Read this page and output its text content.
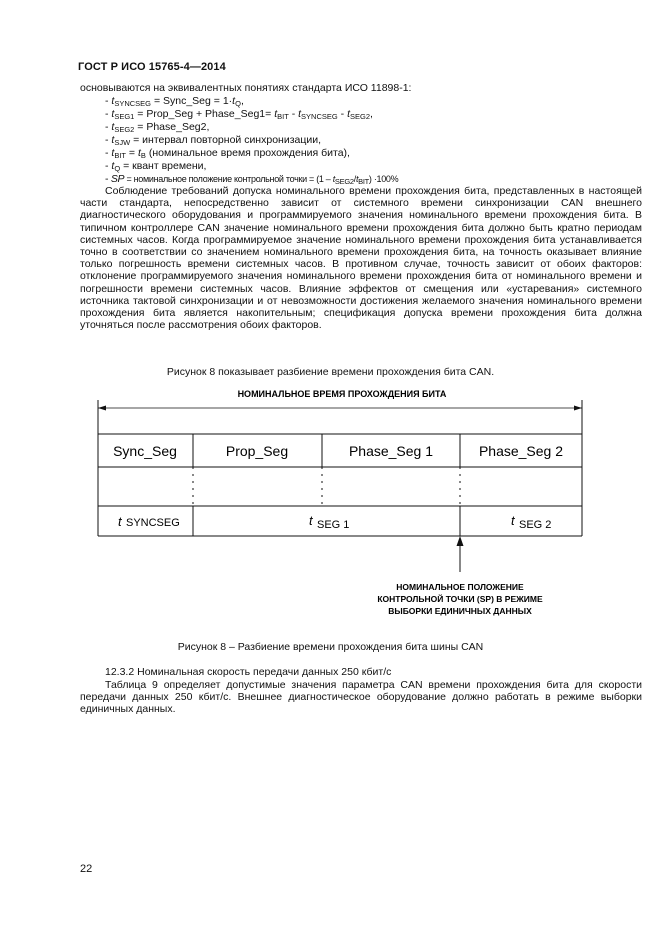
ГОСТ Р ИСО 15765-4—2014
основываются на эквивалентных понятиях стандарта ИСО 11898-1:
- $t_{SYNCSEG}$ = Sync_Seg = $1\cdot t_Q$,
- $t_{SEG1}$ = Prop_Seg + Phase_Seg1= $t_{BIT} - t_{SYNCSEG} - t_{SEG2}$,
- $t_{SEG2}$ = Phase_Seg2,
- $t_{SJW}$ = интервал повторной синхронизации,
- $t_{BIT} = t_B$ (номинальное время прохождения бита),
- $t_Q$ = квант времени,
- SP = номинальное положение контрольной точки = $(1 - t_{SEG2}/t_{BIT}) \cdot 100\%$
Соблюдение требований допуска номинального времени прохождения бита, представленных в настоящей части стандарта, непосредственно зависит от системного времени синхронизации CAN внешнего диагностического оборудования и программируемого значения номинального времени прохождения бита. В типичном контроллере CAN значение номинального времени прохождения бита должно быть кратно периодам системных часов. Когда программируемое значение номинального времени прохождения бита устанавливается точно в соответствии со значением номинального времени прохождения бита, на точность оказывает влияние только погрешность времени системных часов. В противном случае, точность зависит от обоих факторов: отклонение программируемого значения номинального времени прохождения бита от номинального времени и погрешности времени системных часов. Влияние эффектов от смещения или «устаревания» системного источника тактовой синхронизации и от невозможности достижения желаемого значения номинального времени прохождения бита является накопительным; спецификация допуска времени прохождения бита должна уточняться после рассмотрения обоих факторов.
Рисунок 8 показывает разбиение времени прохождения бита CAN.
НОМИНАЛЬНОЕ ВРЕМЯ ПРОХОЖДЕНИЯ БИТА
Sync_Seg	Prop_Seg	Phase_Seg 1	Phase_Seg 2
t SYNCSEG	t SEG 1	t SEG 2
НОМИНАЛЬНОЕ ПОЛОЖЕНИЕ
КОНТРОЛЬНОЙ ТОЧКИ (SP) В РЕЖИМЕ
ВЫБОРКИ ЕДИНИЧНЫХ ДАННЫХ
Рисунок 8 – Разбиение времени прохождения бита шины CAN
12.3.2 Номинальная скорость передачи данных 250 кбит/с
Таблица 9 определяет допустимые значения параметра CAN времени прохождения бита для скорости передачи данных 250 кбит/с. Внешнее диагностическое оборудование должно работать в режиме выборки единичных данных.
22
